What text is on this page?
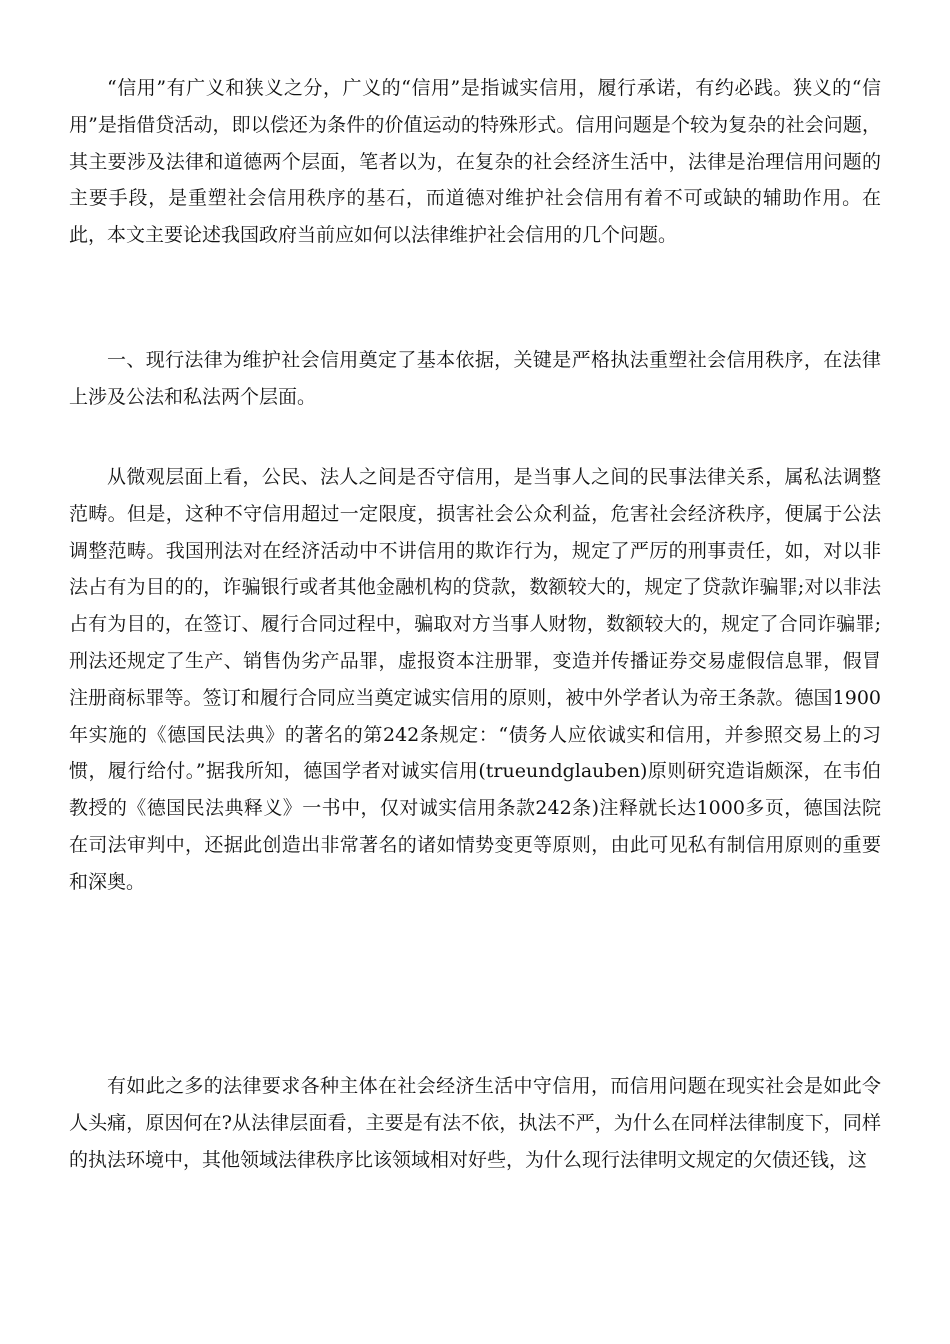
“信用”有广义和狭义之分，广义的“信用”是指诚实信用，履行承诺，有约必践。狭义的“信用”是指借贷活动，即以偿还为条件的价值运动的特殊形式。信用问题是个较为复杂的社会问题，其主要涉及法律和道德两个层面，笔者以为，在复杂的社会经济生活中，法律是治理信用问题的主要手段，是重塑社会信用秩序的基石，而道德对维护社会信用有着不可或缺的辅助作用。在此，本文主要论述我国政府当前应如何以法律维护社会信用的几个问题。

一、现行法律为维护社会信用奠定了基本依据，关键是严格执法重塑社会信用秩序，在法律上涉及公法和私法两个层面。

从微观层面上看，公民、法人之间是否守信用，是当事人之间的民事法律关系，属私法调整范畴。但是，这种不守信用超过一定限度，损害社会公众利益，危害社会经济秩序，便属于公法调整范畴。我国刑法对在经济活动中不讲信用的欺诈行为，规定了严厉的刑事责任，如，对以非法占有为目的的，诈骗银行或者其他金融机构的贷款，数额较大的，规定了贷款诈骗罪;对以非法占有为目的，在签订、履行合同过程中，骗取对方当事人财物，数额较大的，规定了合同诈骗罪;刑法还规定了生产、销售伪劣产品罪，虚报资本注册罪，变造并传播证券交易虚假信息罪，假冒注册商标罪等。签订和履行合同应当奠定诚实信用的原则，被中外学者认为帝王条款。德国1900年实施的《德国民法典》的著名的第242条规定：“债务人应依诚实和信用，并参照交易上的习惯，履行给付。”据我所知，德国学者对诚实信用(trueundglauben)原则研究造诣颇深，在韦伯教授的《德国民法典释义》一书中，仅对诚实信用条款242条)注释就长达1000多页，德国法院在司法审判中，还据此创造出非常著名的诸如情势变更等原则，由此可见私有制信用原则的重要和深奥。

有如此之多的法律要求各种主体在社会经济生活中守信用，而信用问题在现实社会是如此令人头痛，原因何在?从法律层面看，主要是有法不依，执法不严，为什么在同样法律制度下，同样的执法环境中，其他领域法律秩序比该领域相对好些，为什么现行法律明文规定的欠债还钱，这
